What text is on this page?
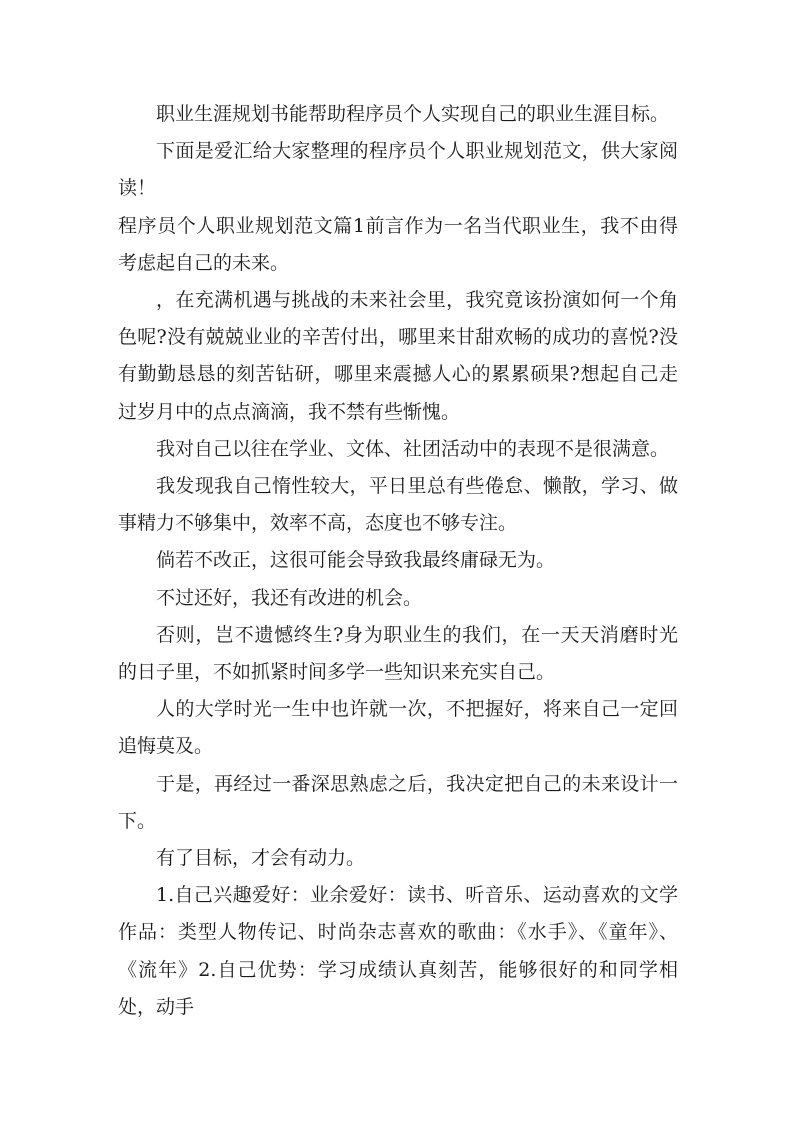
职业生涯规划书能帮助程序员个人实现自己的职业生涯目标。

下面是爱汇给大家整理的程序员个人职业规划范文，供大家阅读！

程序员个人职业规划范文篇1前言作为一名当代职业生，我不由得考虑起自己的未来。

，在充满机遇与挑战的未来社会里，我究竟该扮演如何一个角色呢?没有兢兢业业的辛苦付出，哪里来甘甜欢畅的成功的喜悦?没有勤勤恳恳的刻苦钻研，哪里来震撼人心的累累硕果?想起自己走过岁月中的点点滴滴，我不禁有些惭愧。

我对自己以往在学业、文体、社团活动中的表现不是很满意。

我发现我自己惰性较大，平日里总有些倦怠、懒散，学习、做事精力不够集中，效率不高，态度也不够专注。

倘若不改正，这很可能会导致我最终庸碌无为。

不过还好，我还有改进的机会。

否则，岂不遗憾终生?身为职业生的我们，在一天天消磨时光的日子里，不如抓紧时间多学一些知识来充实自己。

人的大学时光一生中也许就一次，不把握好，将来自己一定回追悔莫及。

于是，再经过一番深思熟虑之后，我决定把自己的未来设计一下。

有了目标，才会有动力。

1.自己兴趣爱好：业余爱好：读书、听音乐、运动喜欢的文学作品：类型人物传记、时尚杂志喜欢的歌曲：《水手》、《童年》、《流年》2.自己优势：学习成绩认真刻苦，能够很好的和同学相处，动手
